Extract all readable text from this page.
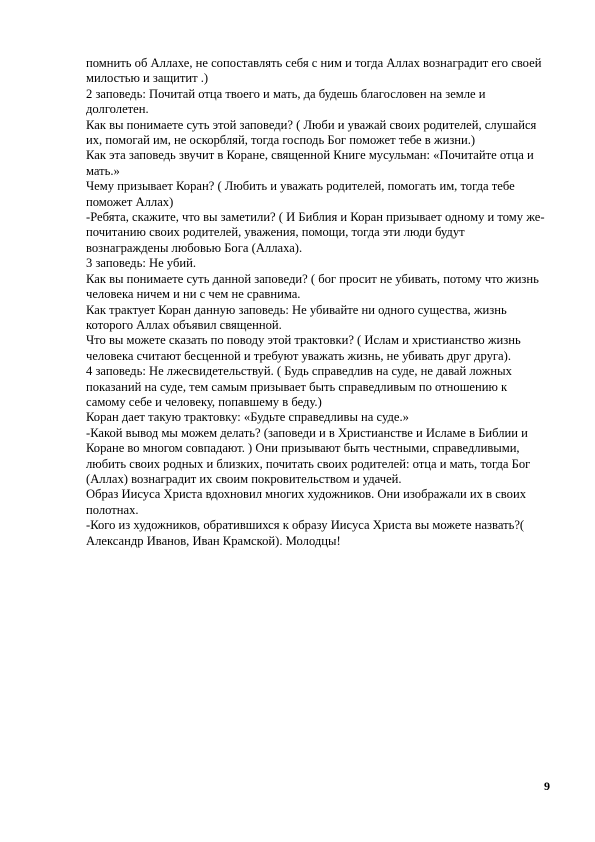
помнить об Аллахе, не сопоставлять себя с ним и тогда Аллах вознаградит его своей милостью и защитит .)

2 заповедь: Почитай отца твоего и мать, да будешь благословен на земле и долголетен.

Как вы понимаете суть этой заповеди? ( Люби и уважай своих родителей, слушайся их, помогай им, не оскорбляй, тогда господь Бог поможет тебе в жизни.)

Как эта заповедь звучит в Коране, священной Книге мусульман: «Почитайте отца и мать.»

Чему призывает Коран? ( Любить и уважать родителей, помогать им, тогда тебе поможет Аллах)

-Ребята, скажите, что вы заметили? ( И Библия и Коран призывает одному и тому же- почитанию своих родителей, уважения, помощи, тогда эти люди будут вознаграждены любовью Бога (Аллаха).

3 заповедь: Не убий.

Как вы понимаете суть данной заповеди? ( бог просит не убивать, потому что жизнь человека ничем и ни с чем не сравнима.

Как трактует Коран данную заповедь: Не убивайте ни одного существа, жизнь которого Аллах объявил священной.

Что вы можете сказать по поводу этой трактовки? ( Ислам и христианство жизнь человека считают бесценной и требуют уважать жизнь, не убивать друг друга).

4 заповедь: Не лжесвидетельствуй. ( Будь справедлив на суде, не давай ложных показаний на суде, тем самым призывает быть справедливым по отношению к самому себе и человеку, попавшему в беду.)

Коран дает такую трактовку: «Будьте справедливы на суде.»

-Какой вывод мы можем делать? (заповеди и в Христианстве и Исламе в Библии и Коране во многом совпадают. ) Они призывают быть честными, справедливыми, любить своих родных и близких, почитать своих родителей: отца и мать, тогда Бог (Аллах) вознаградит их своим покровительством и удачей.

Образ Иисуса Христа вдохновил многих художников. Они изображали их в своих полотнах.

-Кого из художников, обратившихся к образу Иисуса Христа вы можете назвать?( Александр Иванов, Иван Крамской). Молодцы!

9
